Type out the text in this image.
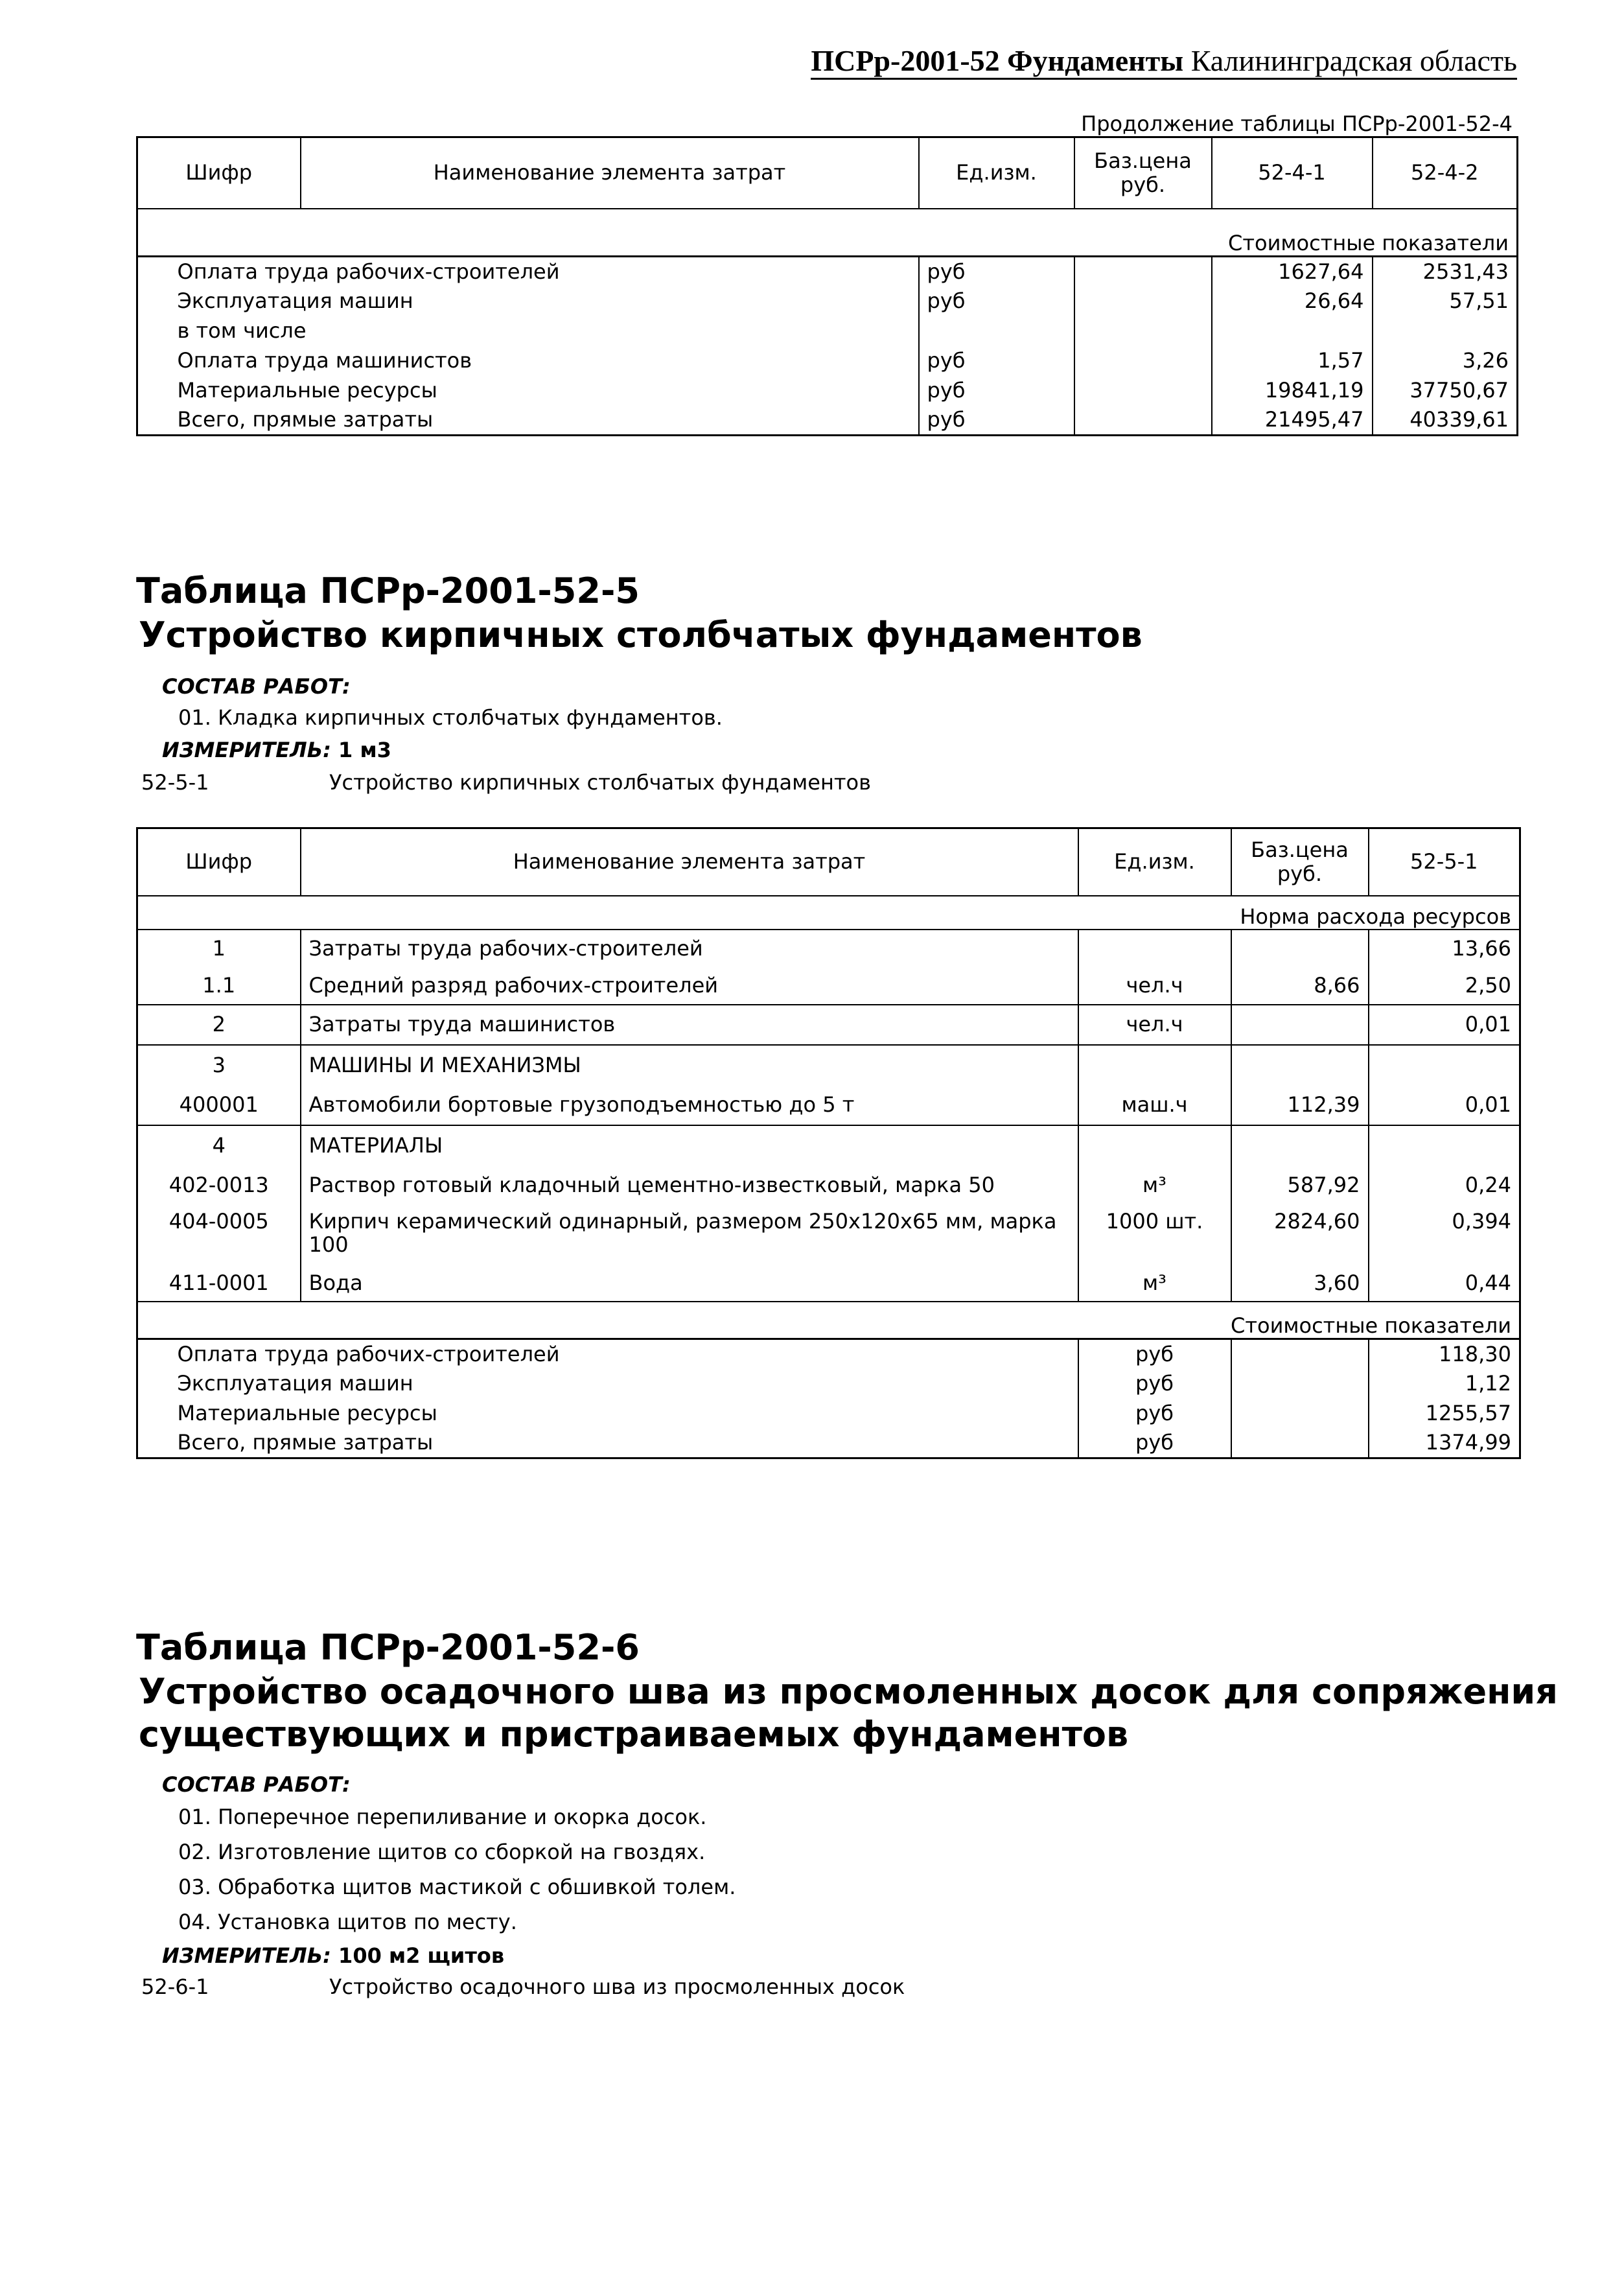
ПСРр-2001-52 Фундаменты Калининградская область
Продолжение таблицы ПСРр-2001-52-4
Шифр	Наименование элемента затрат	Ед.изм.	Баз.цена руб.	52-4-1	52-4-2
Стоимостные показатели					
	Оплата труда рабочих-строителей	руб		1627,64	2531,43
	Эксплуатация машин	руб		26,64	57,51
	в том числе				
	Оплата труда машинистов	руб		1,57	3,26
	Материальные ресурсы	руб		19841,19	37750,67
	Всего, прямые затраты	руб		21495,47	40339,61
Таблица ПСРр-2001-52-5
Устройство кирпичных столбчатых фундаментов
СОСТАВ РАБОТ:
01. Кладка кирпичных столбчатых фундаментов.
ИЗМЕРИТЕЛЬ: 1 м3
52-5-1	Устройство кирпичных столбчатых фундаментов
Шифр	Наименование элемента затрат	Ед.изм.	Баз.цена руб.	52-5-1
Норма расхода ресурсов				
1	Затраты труда рабочих-строителей			13,66
1.1	Средний разряд рабочих-строителей	чел.ч	8,66	2,50
2	Затраты труда машинистов	чел.ч		0,01
3	МАШИНЫ И МЕХАНИЗМЫ			
400001	Автомобили бортовые грузоподъемностью до 5 т	маш.ч	112,39	0,01
4	МАТЕРИАЛЫ			
402-0013	Раствор готовый кладочный цементно-известковый, марка 50	м³	587,92	0,24
404-0005	Кирпич керамический одинарный, размером 250х120х65 мм, марка 100	1000 шт.	2824,60	0,394
411-0001	Вода	м³	3,60	0,44
Стоимостные показатели				
	Оплата труда рабочих-строителей	руб		118,30
	Эксплуатация машин	руб		1,12
	Материальные ресурсы	руб		1255,57
	Всего, прямые затраты	руб		1374,99
Таблица ПСРр-2001-52-6
Устройство осадочного шва из просмоленных досок для сопряжения
существующих и пристраиваемых фундаментов
СОСТАВ РАБОТ:
01. Поперечное перепиливание и окорка досок.
02. Изготовление щитов со сборкой на гвоздях.
03. Обработка щитов мастикой с обшивкой толем.
04. Установка щитов по месту.
ИЗМЕРИТЕЛЬ: 100 м2 щитов
52-6-1	Устройство осадочного шва из просмоленных досок
